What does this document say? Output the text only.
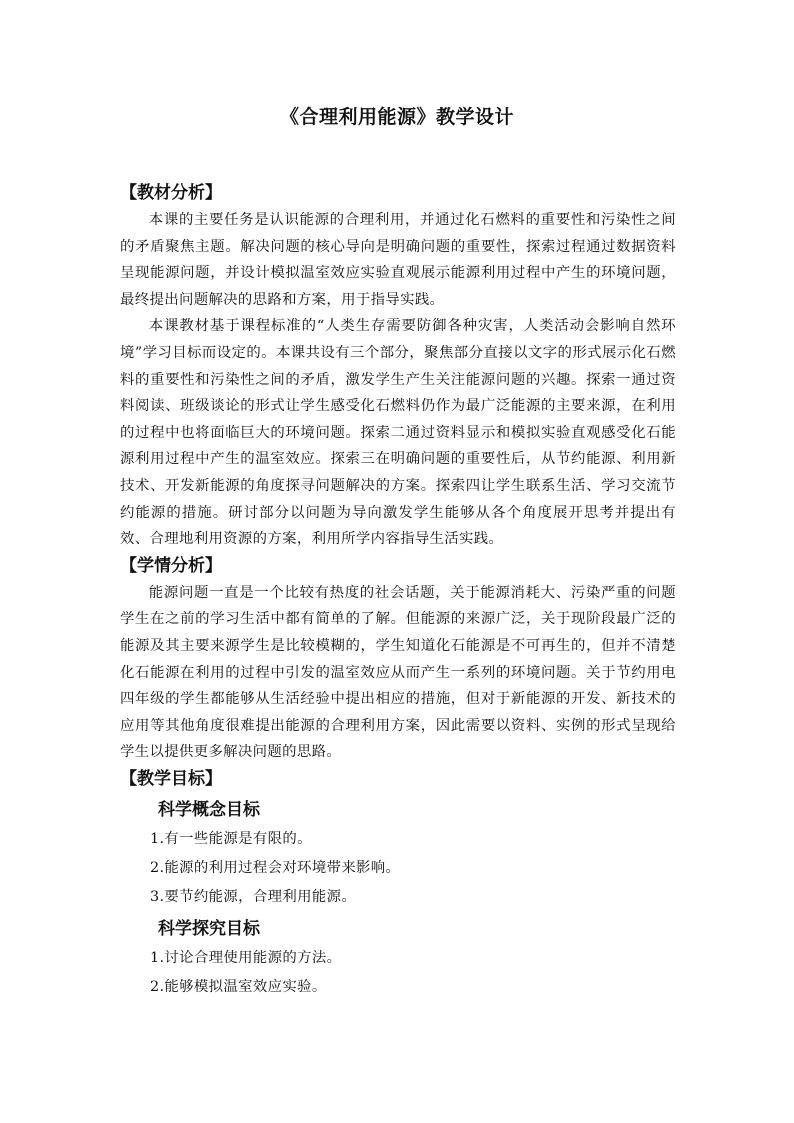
《合理利用能源》教学设计
【教材分析】

本课的主要任务是认识能源的合理利用，并通过化石燃料的重要性和污染性之间的矛盾聚焦主题。解决问题的核心导向是明确问题的重要性，探索过程通过数据资料呈现能源问题，并设计模拟温室效应实验直观展示能源利用过程中产生的环境问题，最终提出问题解决的思路和方案，用于指导实践。

本课教材基于课程标准的“人类生存需要防御各种灾害，人类活动会影响自然环境”学习目标而设定的。本课共设有三个部分，聚焦部分直接以文字的形式展示化石燃料的重要性和污染性之间的矛盾，激发学生产生关注能源问题的兴趣。探索一通过资料阅读、班级谈论的形式让学生感受化石燃料仍作为最广泛能源的主要来源，在利用的过程中也将面临巨大的环境问题。探索二通过资料显示和模拟实验直观感受化石能源利用过程中产生的温室效应。探索三在明确问题的重要性后，从节约能源、利用新技术、开发新能源的角度探寻问题解决的方案。探索四让学生联系生活、学习交流节约能源的措施。研讨部分以问题为导向激发学生能够从各个角度展开思考并提出有效、合理地利用资源的方案，利用所学内容指导生活实践。

【学情分析】

能源问题一直是一个比较有热度的社会话题，关于能源消耗大、污染严重的问题学生在之前的学习生活中都有简单的了解。但能源的来源广泛，关于现阶段最广泛的能源及其主要来源学生是比较模糊的，学生知道化石能源是不可再生的，但并不清楚化石能源在利用的过程中引发的温室效应从而产生一系列的环境问题。关于节约用电四年级的学生都能够从生活经验中提出相应的措施，但对于新能源的开发、新技术的应用等其他角度很难提出能源的合理利用方案，因此需要以资料、实例的形式呈现给学生以提供更多解决问题的思路。

【教学目标】
科学概念目标
1.有一些能源是有限的。
2.能源的利用过程会对环境带来影响。
3.要节约能源，合理利用能源。
科学探究目标
1.讨论合理使用能源的方法。
2.能够模拟温室效应实验。
